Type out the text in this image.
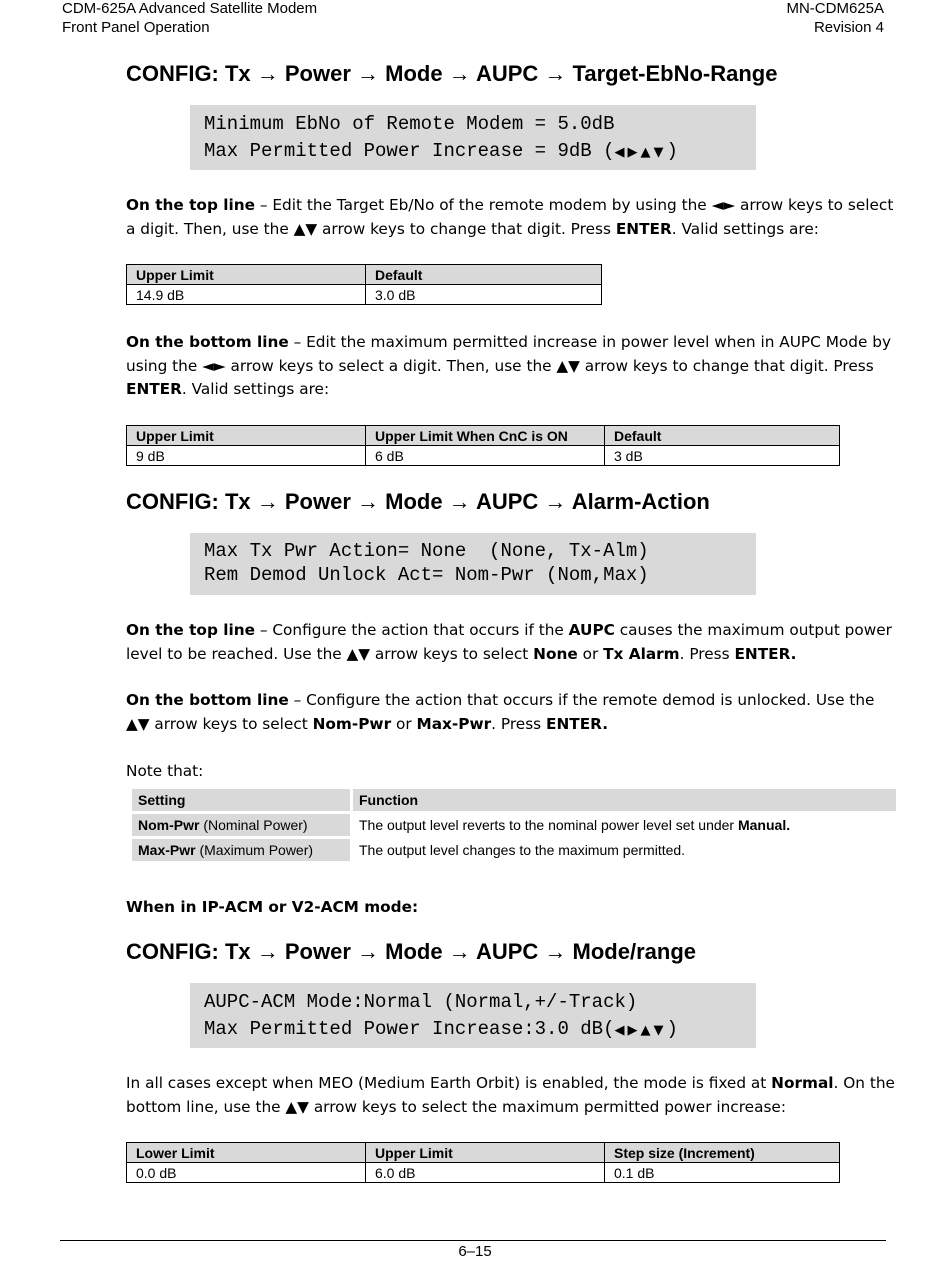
CDM-625A Advanced Satellite Modem
Front Panel Operation
MN-CDM625A
Revision 4
CONFIG: Tx → Power → Mode → AUPC → Target-EbNo-Range
Minimum EbNo of Remote Modem = 5.0dB
Max Permitted Power Increase = 9dB (◀▶▲▼)

On the top line – Edit the Target Eb/No of the remote modem by using the ◄► arrow keys to select a digit. Then, use the ▲▼ arrow keys to change that digit. Press ENTER. Valid settings are:

Upper Limit	Default
14.9 dB	3.0 dB

On the bottom line – Edit the maximum permitted increase in power level when in AUPC Mode by using the ◄► arrow keys to select a digit. Then, use the ▲▼ arrow keys to change that digit. Press ENTER. Valid settings are:

Upper Limit	Upper Limit When CnC is ON	Default
9 dB	6 dB	3 dB
CONFIG: Tx → Power → Mode → AUPC → Alarm-Action
Max Tx Pwr Action= None  (None, Tx-Alm)
Rem Demod Unlock Act= Nom-Pwr (Nom,Max)

On the top line – Configure the action that occurs if the AUPC causes the maximum output power level to be reached. Use the ▲▼ arrow keys to select None or Tx Alarm. Press ENTER.

On the bottom line – Configure the action that occurs if the remote demod is unlocked. Use the ▲▼ arrow keys to select Nom-Pwr or Max-Pwr. Press ENTER.

Note that:

Setting	Function
Nom-Pwr (Nominal Power)	The output level reverts to the nominal power level set under Manual.
Max-Pwr (Maximum Power)	The output level changes to the maximum permitted.

When in IP-ACM or V2-ACM mode:

CONFIG: Tx → Power → Mode → AUPC → Mode/range
AUPC-ACM Mode:Normal (Normal,+/-Track)
Max Permitted Power Increase:3.0 dB(◀▶▲▼)

In all cases except when MEO (Medium Earth Orbit) is enabled, the mode is fixed at Normal. On the bottom line, use the ▲▼ arrow keys to select the maximum permitted power increase:

Lower Limit	Upper Limit	Step size (Increment)
0.0 dB	6.0 dB	0.1 dB
6–15
